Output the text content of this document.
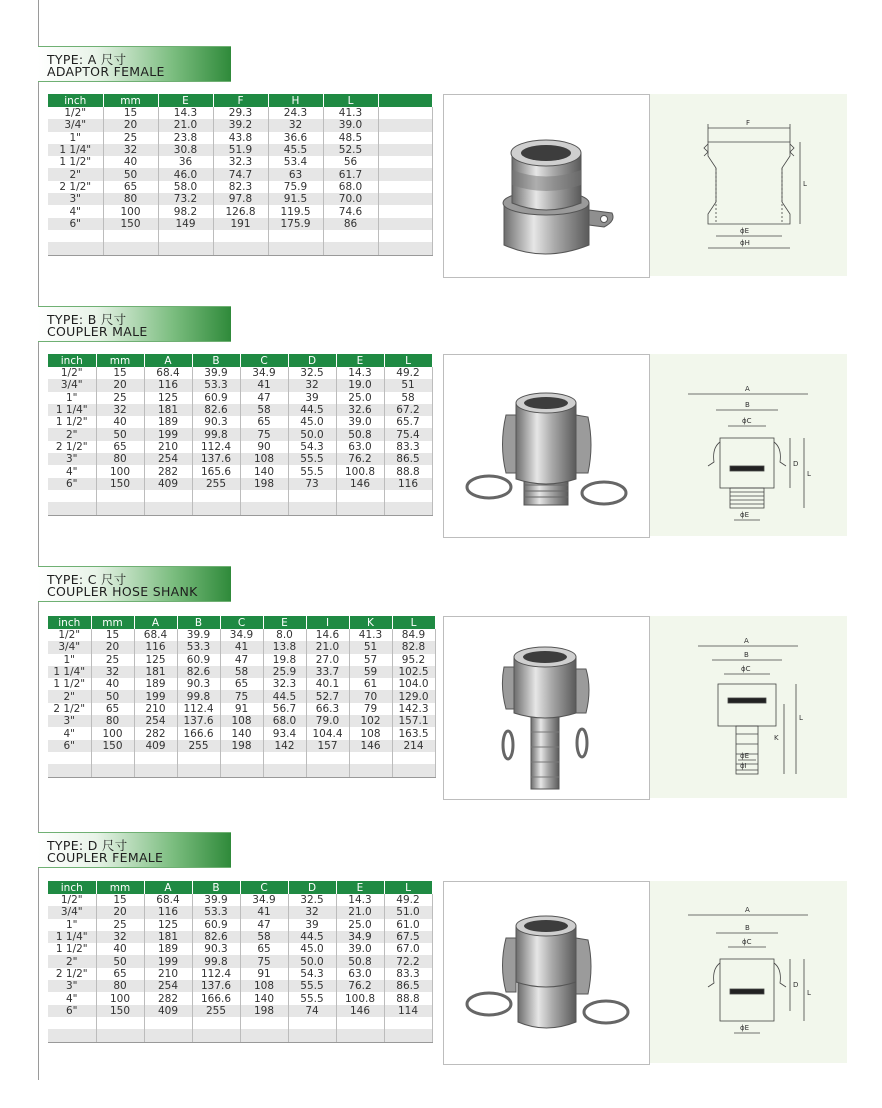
TYPE: A 尺寸
ADAPTOR FEMALE
inch	mm	E	F	H	L	
1/2"	15	14.3	29.3	24.3	41.3	
3/4"	20	21.0	39.2	32	39.0	
1"	25	23.8	43.8	36.6	48.5	
1 1/4"	32	30.8	51.9	45.5	52.5	
1 1/2"	40	36	32.3	53.4	56	
2"	50	46.0	74.7	63	61.7	
2 1/2"	65	58.0	82.3	75.9	68.0	
3"	80	73.2	97.8	91.5	70.0	
4"	100	98.2	126.8	119.5	74.6	
6"	150	149	191	175.9	86	

F
L
ϕE
ϕH
TYPE: B 尺寸
COUPLER MALE
inch	mm	A	B	C	D	E	L
1/2"	15	68.4	39.9	34.9	32.5	14.3	49.2
3/4"	20	116	53.3	41	32	19.0	51
1"	25	125	60.9	47	39	25.0	58
1 1/4"	32	181	82.6	58	44.5	32.6	67.2
1 1/2"	40	189	90.3	65	45.0	39.0	65.7
2"	50	199	99.8	75	50.0	50.8	75.4
2 1/2"	65	210	112.4	90	54.3	63.0	83.3
3"	80	254	137.6	108	55.5	76.2	86.5
4"	100	282	165.6	140	55.5	100.8	88.8
6"	150	409	255	198	73	146	116

A
B
ϕC
D
L
ϕE
TYPE: C 尺寸
COUPLER HOSE SHANK
inch	mm	A	B	C	E	I	K	L
1/2"	15	68.4	39.9	34.9	8.0	14.6	41.3	84.9
3/4"	20	116	53.3	41	13.8	21.0	51	82.8
1"	25	125	60.9	47	19.8	27.0	57	95.2
1 1/4"	32	181	82.6	58	25.9	33.7	59	102.5
1 1/2"	40	189	90.3	65	32.3	40.1	61	104.0
2"	50	199	99.8	75	44.5	52.7	70	129.0
2 1/2"	65	210	112.4	91	56.7	66.3	79	142.3
3"	80	254	137.6	108	68.0	79.0	102	157.1
4"	100	282	166.6	140	93.4	104.4	108	163.5
6"	150	409	255	198	142	157	146	214

A
B
ϕC
L
K
ϕE
ϕI
TYPE: D 尺寸
COUPLER FEMALE
inch	mm	A	B	C	D	E	L
1/2"	15	68.4	39.9	34.9	32.5	14.3	49.2
3/4"	20	116	53.3	41	32	21.0	51.0
1"	25	125	60.9	47	39	25.0	61.0
1 1/4"	32	181	82.6	58	44.5	34.9	67.5
1 1/2"	40	189	90.3	65	45.0	39.0	67.0
2"	50	199	99.8	75	50.0	50.8	72.2
2 1/2"	65	210	112.4	91	54.3	63.0	83.3
3"	80	254	137.6	108	55.5	76.2	86.5
4"	100	282	166.6	140	55.5	100.8	88.8
6"	150	409	255	198	74	146	114

A
B
ϕC
D
L
ϕE
